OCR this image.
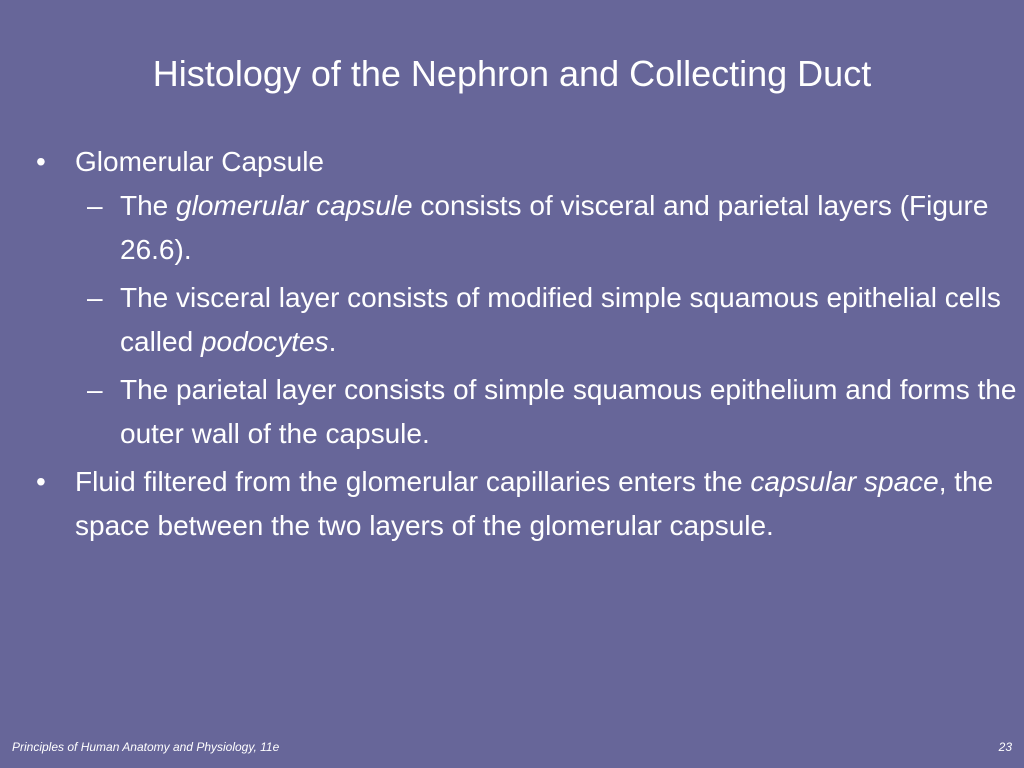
Histology of the Nephron and Collecting Duct

• Glomerular Capsule

– The glomerular capsule consists of visceral and parietal layers (Figure 26.6).

– The visceral layer consists of modified simple squamous epithelial cells called podocytes.

– The parietal layer consists of simple squamous epithelium and forms the outer wall of the capsule.

• Fluid filtered from the glomerular capillaries enters the capsular space, the space between the two layers of the glomerular capsule.

Principles of Human Anatomy and Physiology, 11e	23
